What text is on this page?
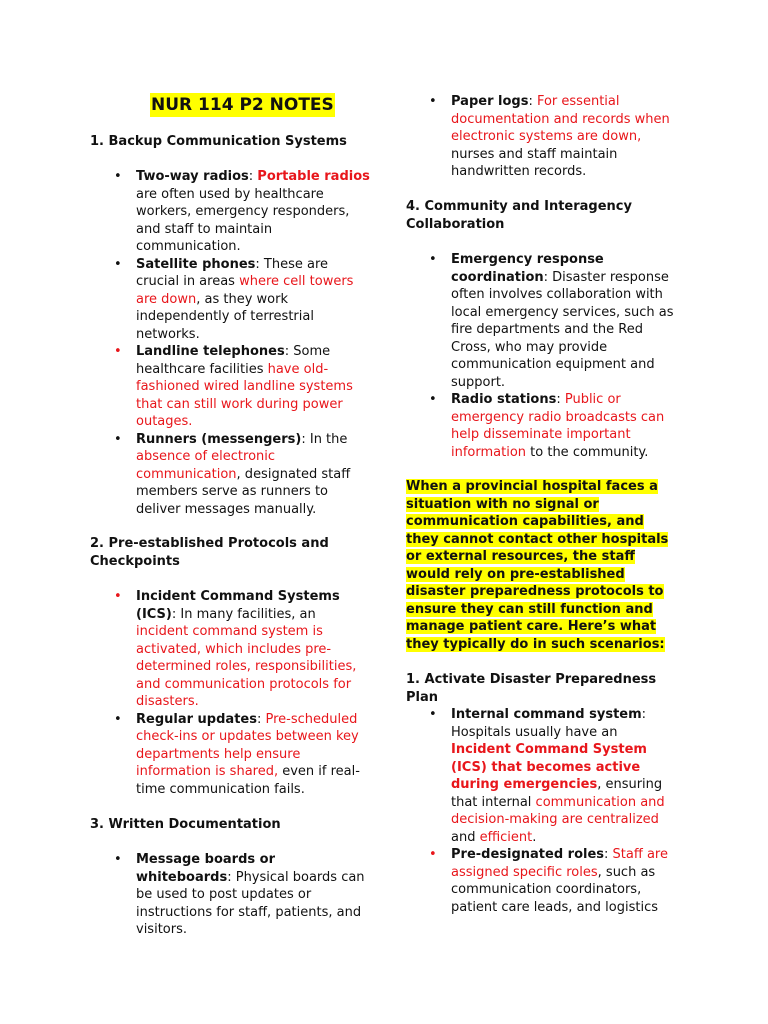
NUR 114 P2 NOTES

1. Backup Communication Systems

• Two-way radios: Portable radios are often used by healthcare workers, emergency responders, and staff to maintain communication.
• Satellite phones: These are crucial in areas where cell towers are down, as they work independently of terrestrial networks.
• Landline telephones: Some healthcare facilities have old-fashioned wired landline systems that can still work during power outages.
• Runners (messengers): In the absence of electronic communication, designated staff members serve as runners to deliver messages manually.

2. Pre-established Protocols and Checkpoints

• Incident Command Systems (ICS): In many facilities, an incident command system is activated, which includes pre-determined roles, responsibilities, and communication protocols for disasters.
• Regular updates: Pre-scheduled check-ins or updates between key departments help ensure information is shared, even if real-time communication fails.

3. Written Documentation

• Message boards or whiteboards: Physical boards can be used to post updates or instructions for staff, patients, and visitors.
• Paper logs: For essential documentation and records when electronic systems are down, nurses and staff maintain handwritten records.

4. Community and Interagency Collaboration

• Emergency response coordination: Disaster response often involves collaboration with local emergency services, such as fire departments and the Red Cross, who may provide communication equipment and support.
• Radio stations: Public or emergency radio broadcasts can help disseminate important information to the community.

When a provincial hospital faces a situation with no signal or communication capabilities, and they cannot contact other hospitals or external resources, the staff would rely on pre-established disaster preparedness protocols to ensure they can still function and manage patient care. Here’s what they typically do in such scenarios:

1. Activate Disaster Preparedness Plan

• Internal command system: Hospitals usually have an Incident Command System (ICS) that becomes active during emergencies, ensuring that internal communication and decision-making are centralized and efficient.
• Pre-designated roles: Staff are assigned specific roles, such as communication coordinators, patient care leads, and logistics
